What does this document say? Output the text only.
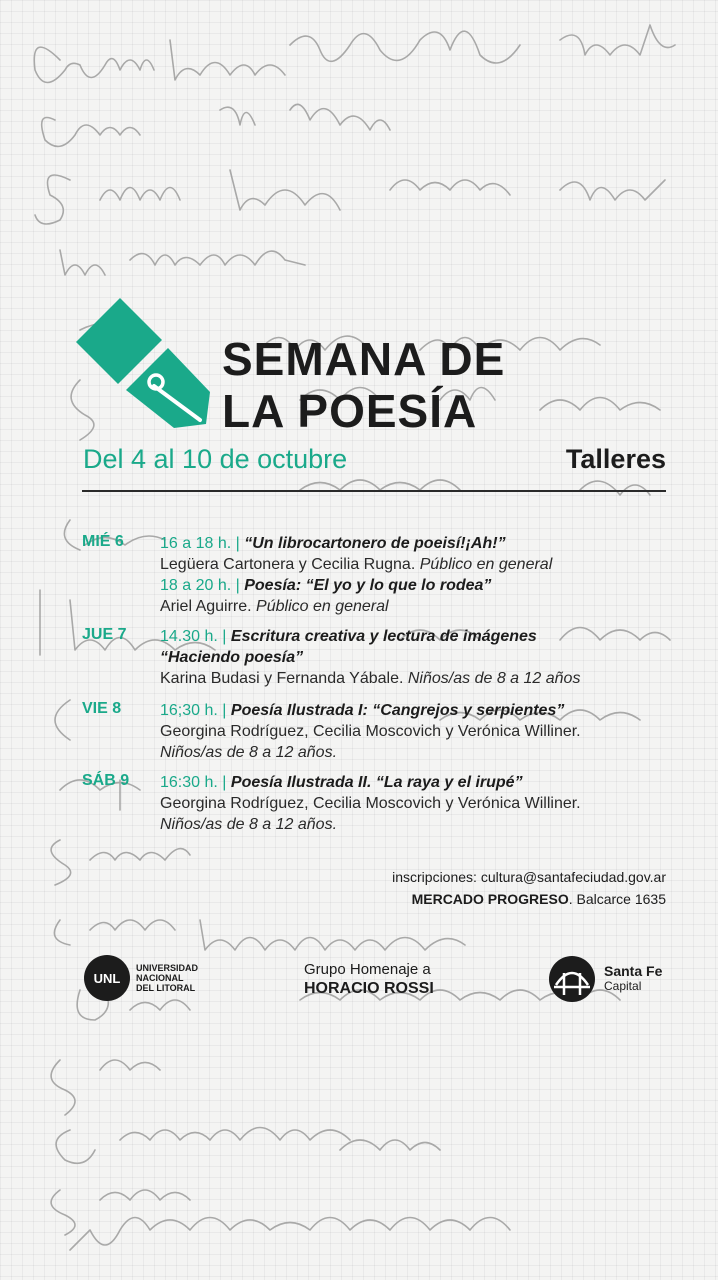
SEMANA DE
LA POESÍA
Del 4 al 10 de octubre	Talleres
MIÉ 6	16 a 18 h. | “Un librocartonero de poeisí!¡Ah!”
Legüera Cartonera y Cecilia Rugna. Público en general
18 a 20 h. | Poesía: “El yo y lo que lo rodea”
Ariel Aguirre. Público en general
JUE 7	14.30 h. | Escritura creativa y lectura de imágenes
“Haciendo poesía”
Karina Budasi y Fernanda Yábale. Niños/as de 8 a 12 años
VIE 8	16;30 h. | Poesía Ilustrada I: “Cangrejos y serpientes”
Georgina Rodríguez, Cecilia Moscovich y Verónica Williner.
Niños/as de 8 a 12 años.
SÁB 9	16:30 h. | Poesía Ilustrada II. “La raya y el irupé”
Georgina Rodríguez, Cecilia Moscovich y Verónica Williner.
Niños/as de 8 a 12 años.
inscripciones: cultura@santafeciudad.gov.ar
MERCADO PROGRESO. Balcarce 1635
UNL
UNIVERSIDAD
NACIONAL
DEL LITORAL
Grupo Homenaje a
HORACIO ROSSI
Santa Fe
Capital
